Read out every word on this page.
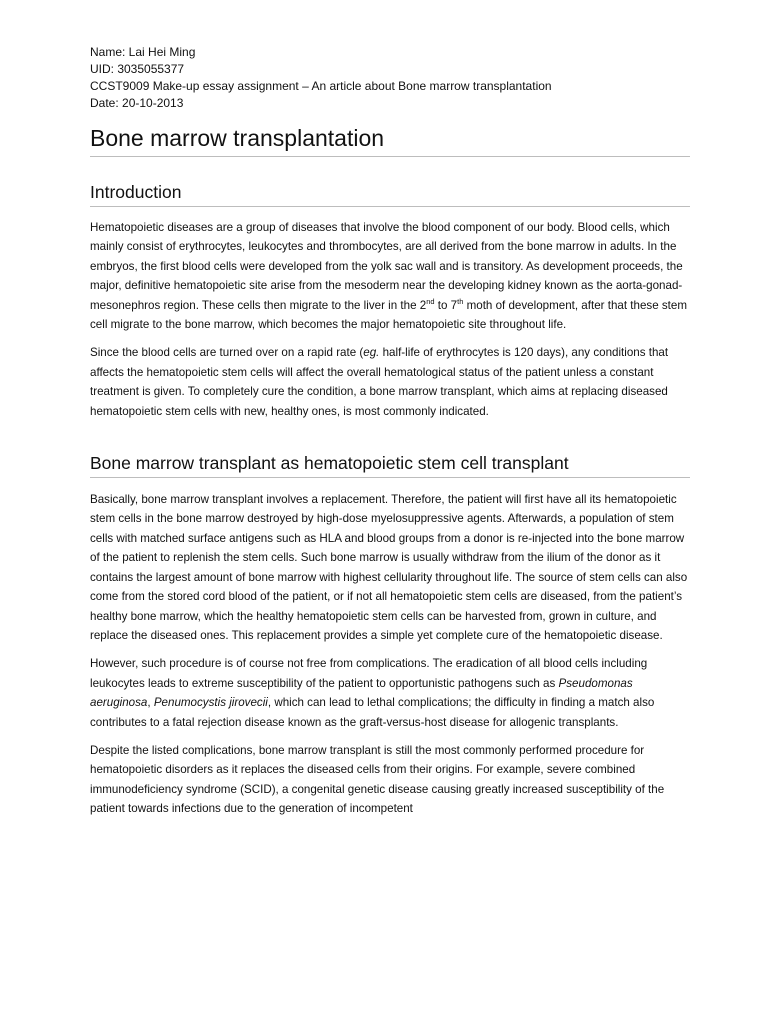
Name: Lai Hei Ming
UID: 3035055377
CCST9009 Make-up essay assignment – An article about Bone marrow transplantation
Date: 20-10-2013
Bone marrow transplantation
Introduction

Hematopoietic diseases are a group of diseases that involve the blood component of our body. Blood cells, which mainly consist of erythrocytes, leukocytes and thrombocytes, are all derived from the bone marrow in adults. In the embryos, the first blood cells were developed from the yolk sac wall and is transitory. As development proceeds, the major, definitive hematopoietic site arise from the mesoderm near the developing kidney known as the aorta-gonad-mesonephros region. These cells then migrate to the liver in the 2nd to 7th moth of development, after that these stem cell migrate to the bone marrow, which becomes the major hematopoietic site throughout life.

Since the blood cells are turned over on a rapid rate (eg. half-life of erythrocytes is 120 days), any conditions that affects the hematopoietic stem cells will affect the overall hematological status of the patient unless a constant treatment is given. To completely cure the condition, a bone marrow transplant, which aims at replacing diseased hematopoietic stem cells with new, healthy ones, is most commonly indicated.

Bone marrow transplant as hematopoietic stem cell transplant

Basically, bone marrow transplant involves a replacement. Therefore, the patient will first have all its hematopoietic stem cells in the bone marrow destroyed by high-dose myelosuppressive agents. Afterwards, a population of stem cells with matched surface antigens such as HLA and blood groups from a donor is re-injected into the bone marrow of the patient to replenish the stem cells. Such bone marrow is usually withdraw from the ilium of the donor as it contains the largest amount of bone marrow with highest cellularity throughout life. The source of stem cells can also come from the stored cord blood of the patient, or if not all hematopoietic stem cells are diseased, from the patient’s healthy bone marrow, which the healthy hematopoietic stem cells can be harvested from, grown in culture, and replace the diseased ones. This replacement provides a simple yet complete cure of the hematopoietic disease.

However, such procedure is of course not free from complications. The eradication of all blood cells including leukocytes leads to extreme susceptibility of the patient to opportunistic pathogens such as Pseudomonas aeruginosa, Penumocystis jirovecii, which can lead to lethal complications; the difficulty in finding a match also contributes to a fatal rejection disease known as the graft-versus-host disease for allogenic transplants.

Despite the listed complications, bone marrow transplant is still the most commonly performed procedure for hematopoietic disorders as it replaces the diseased cells from their origins. For example, severe combined immunodeficiency syndrome (SCID), a congenital genetic disease causing greatly increased susceptibility of the patient towards infections due to the generation of incompetent
